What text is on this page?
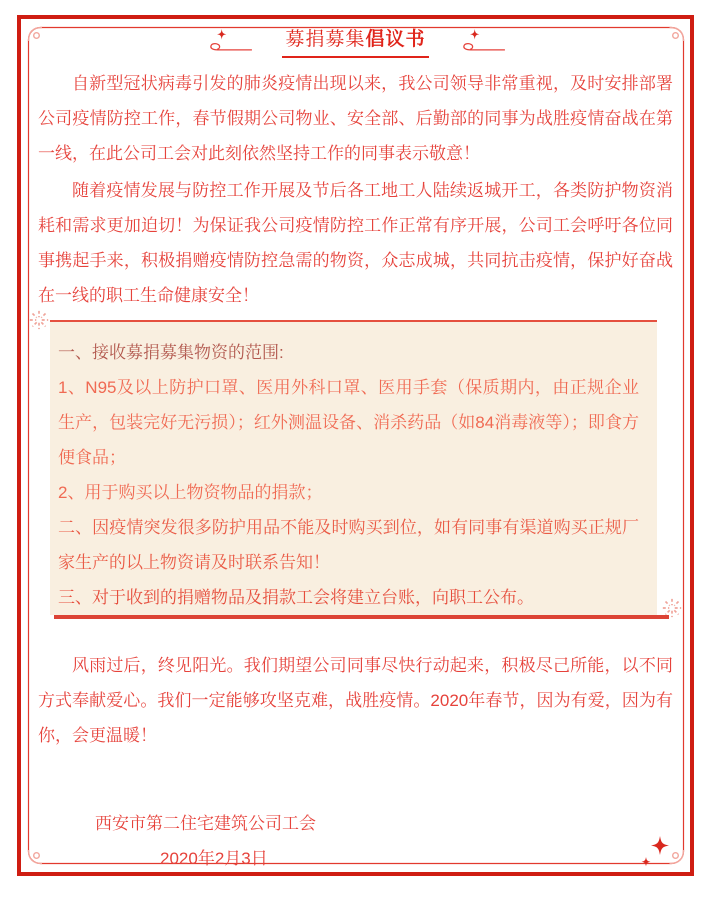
募捐募集倡议书

自新型冠状病毒引发的肺炎疫情出现以来，我公司领导非常重视，及时安排部署公司疫情防控工作，春节假期公司物业、安全部、后勤部的同事为战胜疫情奋战在第一线，在此公司工会对此刻依然坚持工作的同事表示敬意！

随着疫情发展与防控工作开展及节后各工地工人陆续返城开工，各类防护物资消耗和需求更加迫切！为保证我公司疫情防控工作正常有序开展，公司工会呼吁各位同事携起手来，积极捐赠疫情防控急需的物资，众志成城，共同抗击疫情，保护好奋战在一线的职工生命健康安全！

一、接收募捐募集物资的范围:

1、N95及以上防护口罩、医用外科口罩、医用手套（保质期内，由正规企业生产，包装完好无污损）；红外测温设备、消杀药品（如84消毒液等）；即食方便食品；

2、用于购买以上物资物品的捐款；

二、因疫情突发很多防护用品不能及时购买到位，如有同事有渠道购买正规厂家生产的以上物资请及时联系告知！

三、对于收到的捐赠物品及捐款工会将建立台账，向职工公布。

风雨过后，终见阳光。我们期望公司同事尽快行动起来，积极尽己所能，以不同方式奉献爱心。我们一定能够攻坚克难，战胜疫情。2020年春节，因为有爱，因为有你，会更温暖！

西安市第二住宅建筑公司工会
2020年2月3日
